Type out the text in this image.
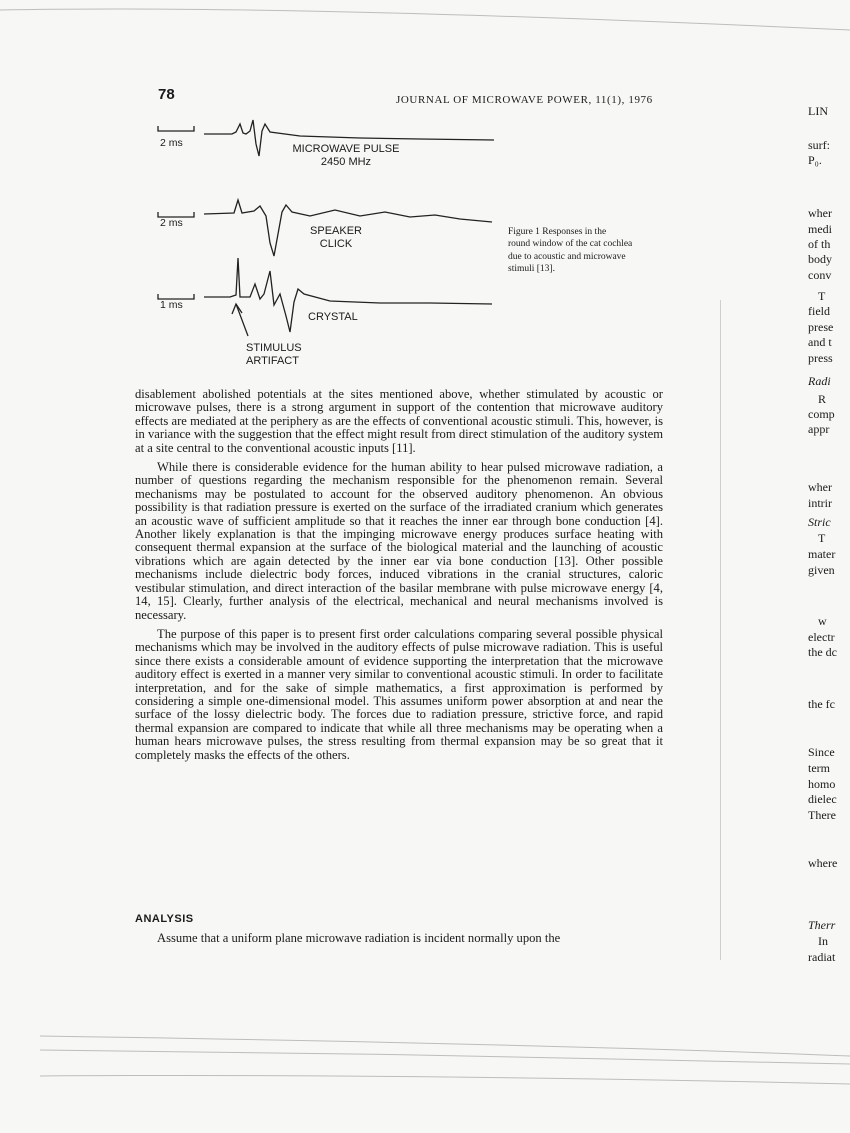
78	JOURNAL OF MICROWAVE POWER, 11(1), 1976
2 ms	MICROWAVE PULSE
2450 MHz
2 ms
SPEAKER
CLICK
1 ms
CRYSTAL
STIMULUS
ARTIFACT
Figure 1 Responses in the
round window of the cat cochlea
due to acoustic and microwave
stimuli [13].

disablement abolished potentials at the sites mentioned above, whether stimulated by acoustic or microwave pulses, there is a strong argument in support of the contention that microwave auditory effects are mediated at the periphery as are the effects of conventional acoustic stimuli. This, however, is in variance with the suggestion that the effect might result from direct stimulation of the auditory system at a site central to the conventional acoustic inputs [11].

While there is considerable evidence for the human ability to hear pulsed microwave radiation, a number of questions regarding the mechanism responsible for the phenomenon remain. Several mechanisms may be postulated to account for the observed auditory phenomenon. An obvious possibility is that radiation pressure is exerted on the surface of the irradiated cranium which generates an acoustic wave of sufficient amplitude so that it reaches the inner ear through bone conduction [4]. Another likely explanation is that the impinging microwave energy produces surface heating with consequent thermal expansion at the surface of the biological material and the launching of acoustic vibrations which are again detected by the inner ear via bone conduction [13]. Other possible mechanisms include dielectric body forces, induced vibrations in the cranial structures, caloric vestibular stimulation, and direct interaction of the basilar membrane with pulse microwave energy [4, 14, 15]. Clearly, further analysis of the electrical, mechanical and neural mechanisms involved is necessary.

The purpose of this paper is to present first order calculations comparing several possible physical mechanisms which may be involved in the auditory effects of pulse microwave radiation. This is useful since there exists a considerable amount of evidence supporting the interpretation that the microwave auditory effect is exerted in a manner very similar to conventional acoustic stimuli. In order to facilitate interpretation, and for the sake of simple mathematics, a first approximation is performed by considering a simple one-dimensional model. This assumes uniform power absorption at and near the surface of the lossy dielectric body. The forces due to radiation pressure, strictive force, and rapid thermal expansion are compared to indicate that while all three mechanisms may be operating when a human hears microwave pulses, the stress resulting from thermal expansion may be so great that it completely masks the effects of the others.

ANALYSIS
Assume that a uniform plane microwave radiation is incident normally upon the
LIN
surf:
P₀.
wher
medi
of th
body
conv
T
field
prese
and t
press
Radi
R
comp
appr
wher
intrir
Stric
T
mater
given
w
electr
the dc
the fc
Since
term
homo
dielec
There
where
Therr
In
radiat
